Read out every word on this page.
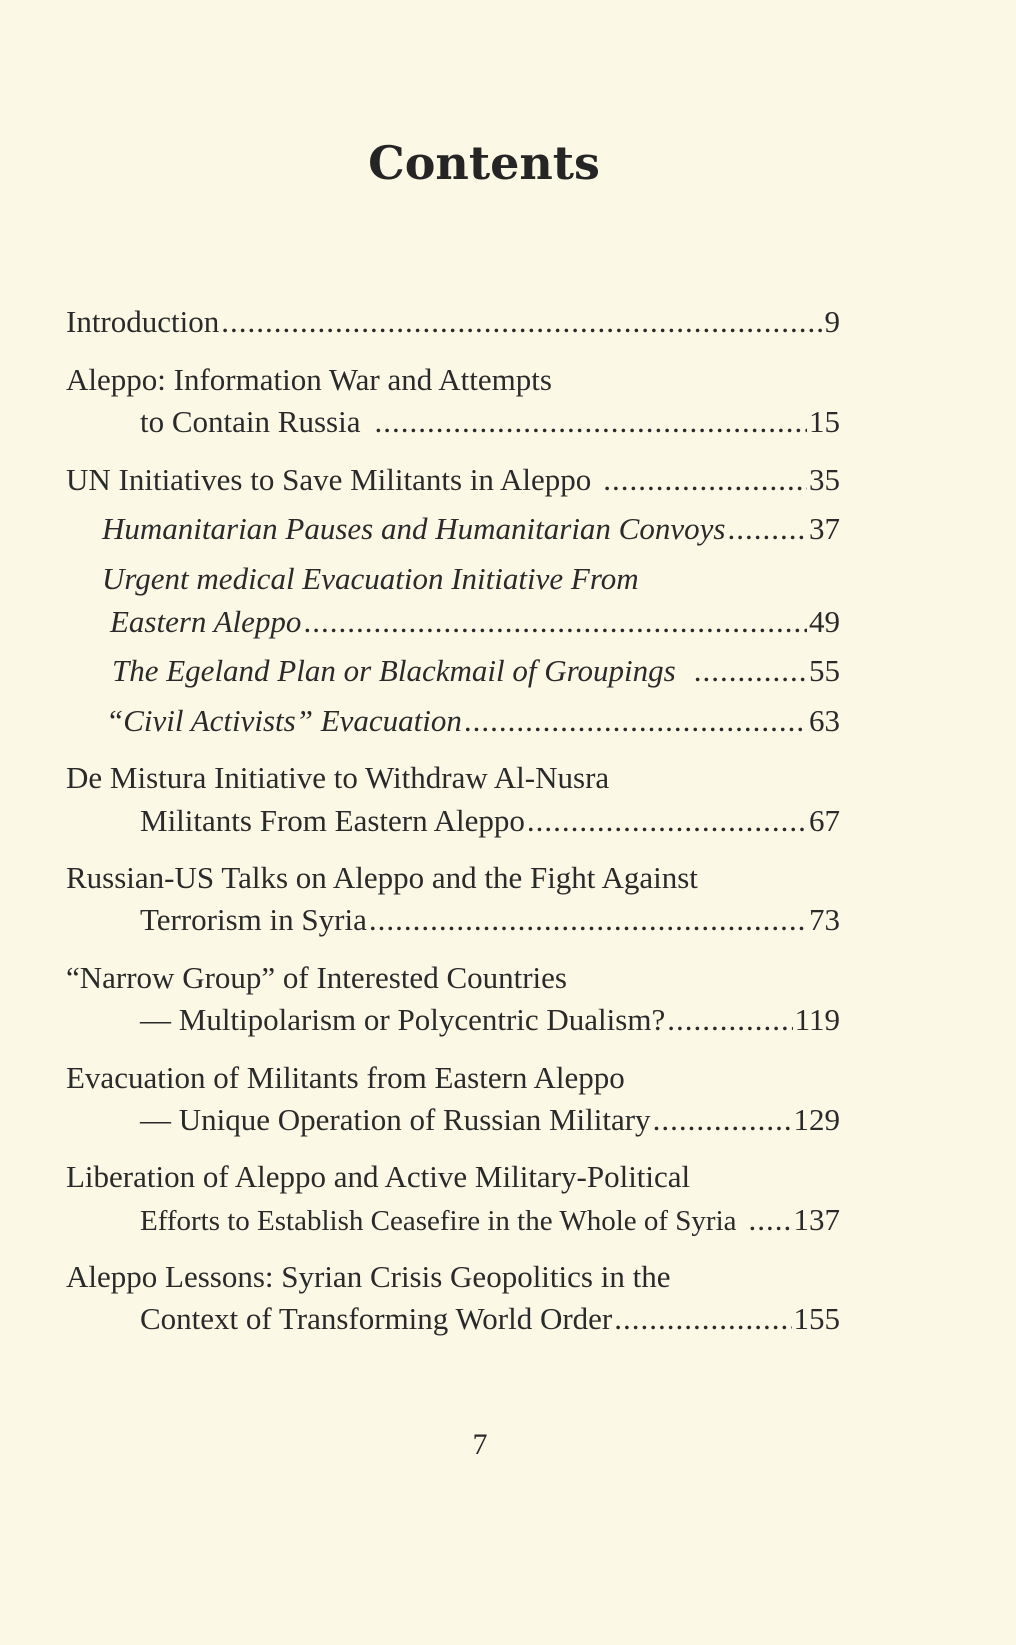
Contents
Introduction .....	9
Aleppo: Information War and Attempts
to Contain Russia .....	15
UN Initiatives to Save Militants in Aleppo .....	35
Humanitarian Pauses and Humanitarian Convoys .....	37
Urgent medical Evacuation Initiative From
Eastern Aleppo .....	49
The Egeland Plan or Blackmail of Groupings .....	55
“Civil Activists” Evacuation .....	63
De Mistura Initiative to Withdraw Al-Nusra
Militants From Eastern Aleppo .....	67
Russian-US Talks on Aleppo and the Fight Against
Terrorism in Syria .....	73
“Narrow Group” of Interested Countries
— Multipolarism or Polycentric Dualism? .....	119
Evacuation of Militants from Eastern Aleppo
— Unique Operation of Russian Military .....	129
Liberation of Aleppo and Active Military-Political
Efforts to Establish Ceasefire in the Whole of Syria ..... 137
Aleppo Lessons: Syrian Crisis Geopolitics in the
Context of Transforming World Order .....	155
7
